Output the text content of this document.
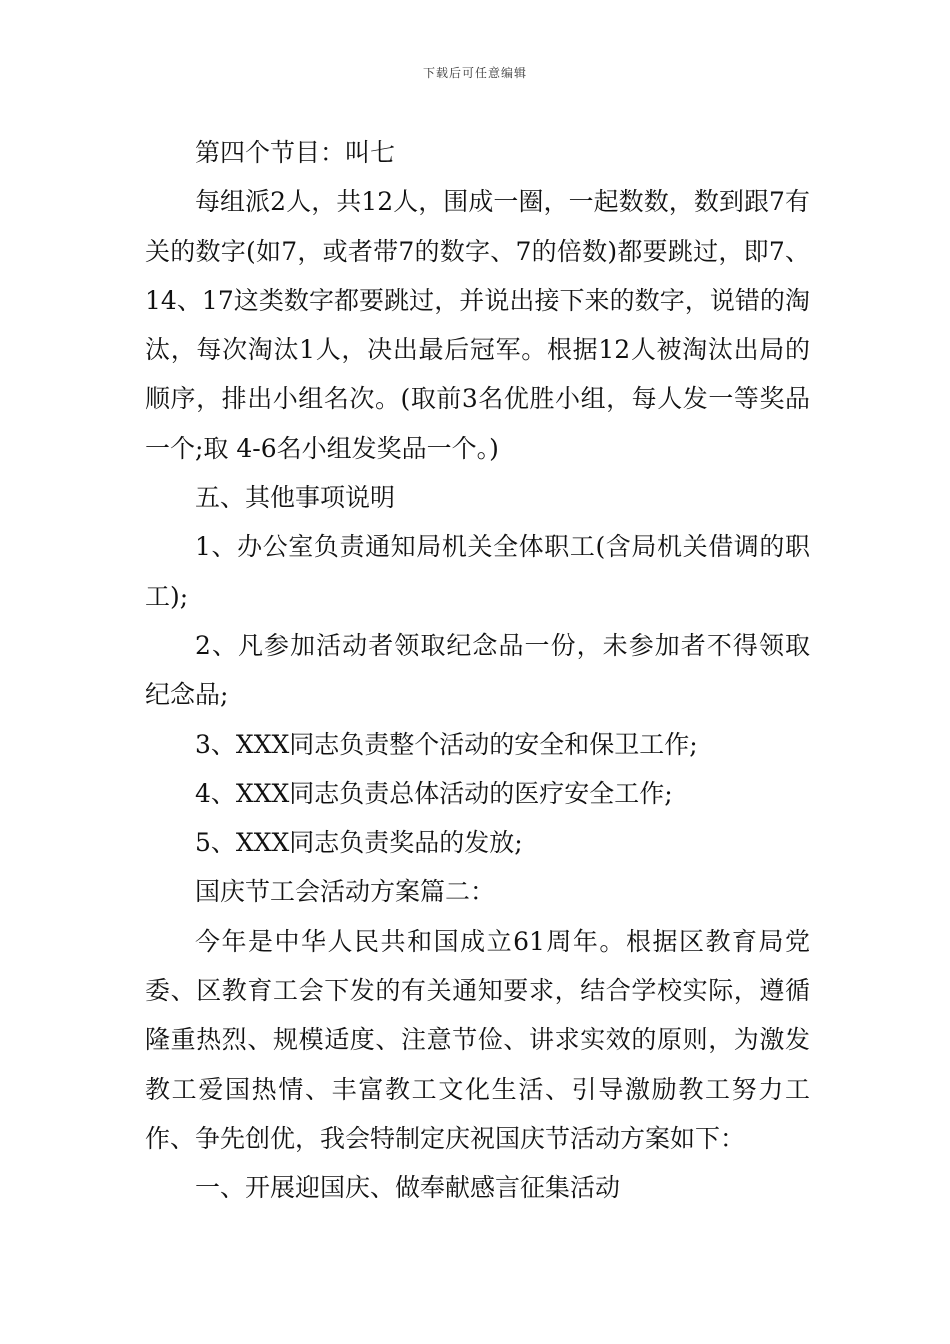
下载后可任意编辑

第四个节目：叫七

每组派2人，共12人，围成一圈，一起数数，数到跟7有关的数字(如7，或者带7的数字、7的倍数)都要跳过，即7、14、17这类数字都要跳过，并说出接下来的数字，说错的淘汰，每次淘汰1人，决出最后冠军。根据12人被淘汰出局的顺序，排出小组名次。(取前3名优胜小组，每人发一等奖品一个;取 4-6名小组发奖品一个。)

五、其他事项说明

1、办公室负责通知局机关全体职工(含局机关借调的职工);

2、凡参加活动者领取纪念品一份，未参加者不得领取纪念品;

3、XXX同志负责整个活动的安全和保卫工作;

4、XXX同志负责总体活动的医疗安全工作;

5、XXX同志负责奖品的发放;

国庆节工会活动方案篇二：

今年是中华人民共和国成立61周年。根据区教育局党委、区教育工会下发的有关通知要求，结合学校实际，遵循隆重热烈、规模适度、注意节俭、讲求实效的原则，为激发教工爱国热情、丰富教工文化生活、引导激励教工努力工作、争先创优，我会特制定庆祝国庆节活动方案如下：

一、开展迎国庆、做奉献感言征集活动
